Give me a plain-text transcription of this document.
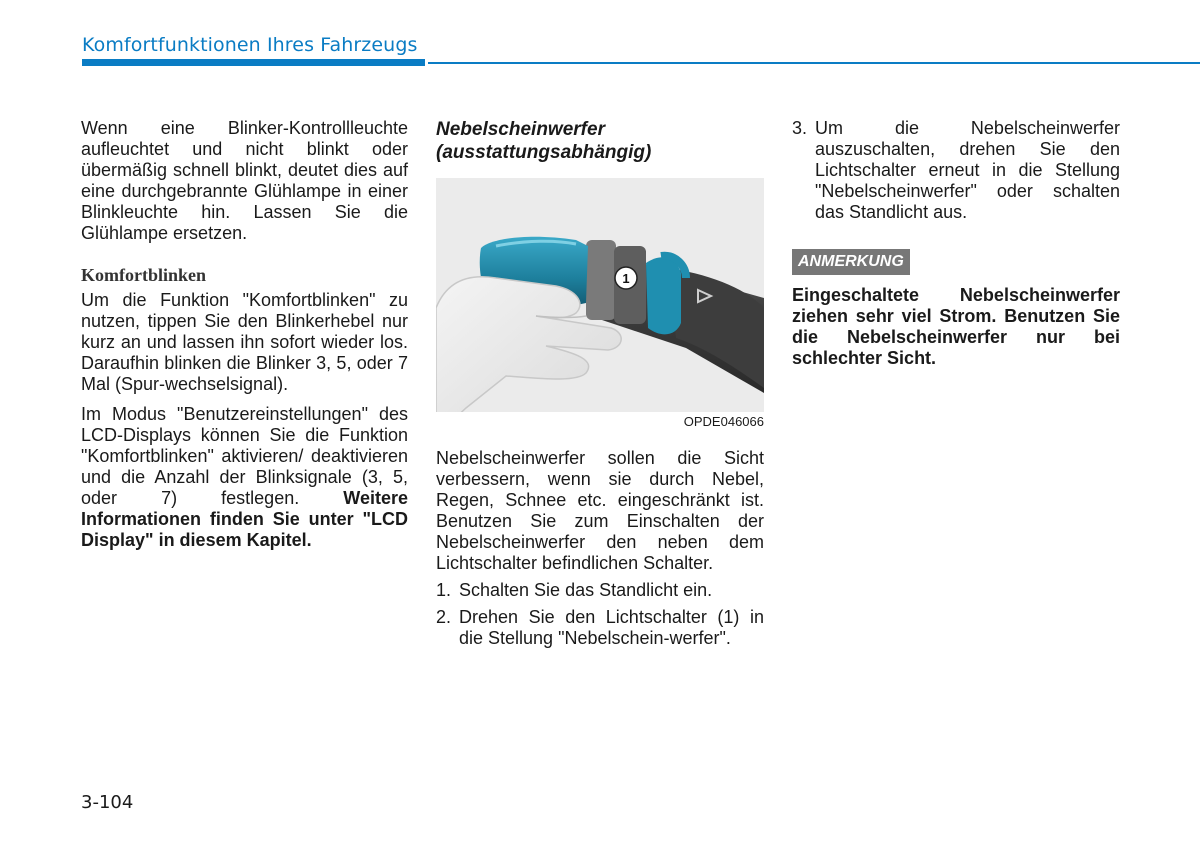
Komfortfunktionen Ihres Fahrzeugs

Wenn eine Blinker-Kontrollleuchte aufleuchtet und nicht blinkt oder übermäßig schnell blinkt, deutet dies auf eine durchgebrannte Glühlampe in einer Blinkleuchte hin. Lassen Sie die Glühlampe ersetzen.

Komfortblinken

Um die Funktion "Komfortblinken" zu nutzen, tippen Sie den Blinkerhebel nur kurz an und lassen ihn sofort wieder los. Daraufhin blinken die Blinker 3, 5, oder 7 Mal (Spur-wechselsignal).

Im Modus "Benutzereinstellungen" des LCD-Displays können Sie die Funktion "Komfortblinken" aktivieren/ deaktivieren und die Anzahl der Blinksignale (3, 5, oder 7) festlegen. Weitere Informationen finden Sie unter "LCD Display" in diesem Kapitel.

Nebelscheinwerfer
(ausstattungsabhängig)
1
OPDE046066

Nebelscheinwerfer sollen die Sicht verbessern, wenn sie durch Nebel, Regen, Schnee etc. eingeschränkt ist. Benutzen Sie zum Einschalten der Nebelscheinwerfer den neben dem Lichtschalter befindlichen Schalter.

1. Schalten Sie das Standlicht ein.
2. Drehen Sie den Lichtschalter (1) in die Stellung "Nebelschein-werfer".
3. Um die Nebelscheinwerfer auszuschalten, drehen Sie den Lichtschalter erneut in die Stellung "Nebelscheinwerfer" oder schalten das Standlicht aus.
ANMERKUNG

Eingeschaltete Nebelscheinwerfer ziehen sehr viel Strom. Benutzen Sie die Nebelscheinwerfer nur bei schlechter Sicht.

3-104
